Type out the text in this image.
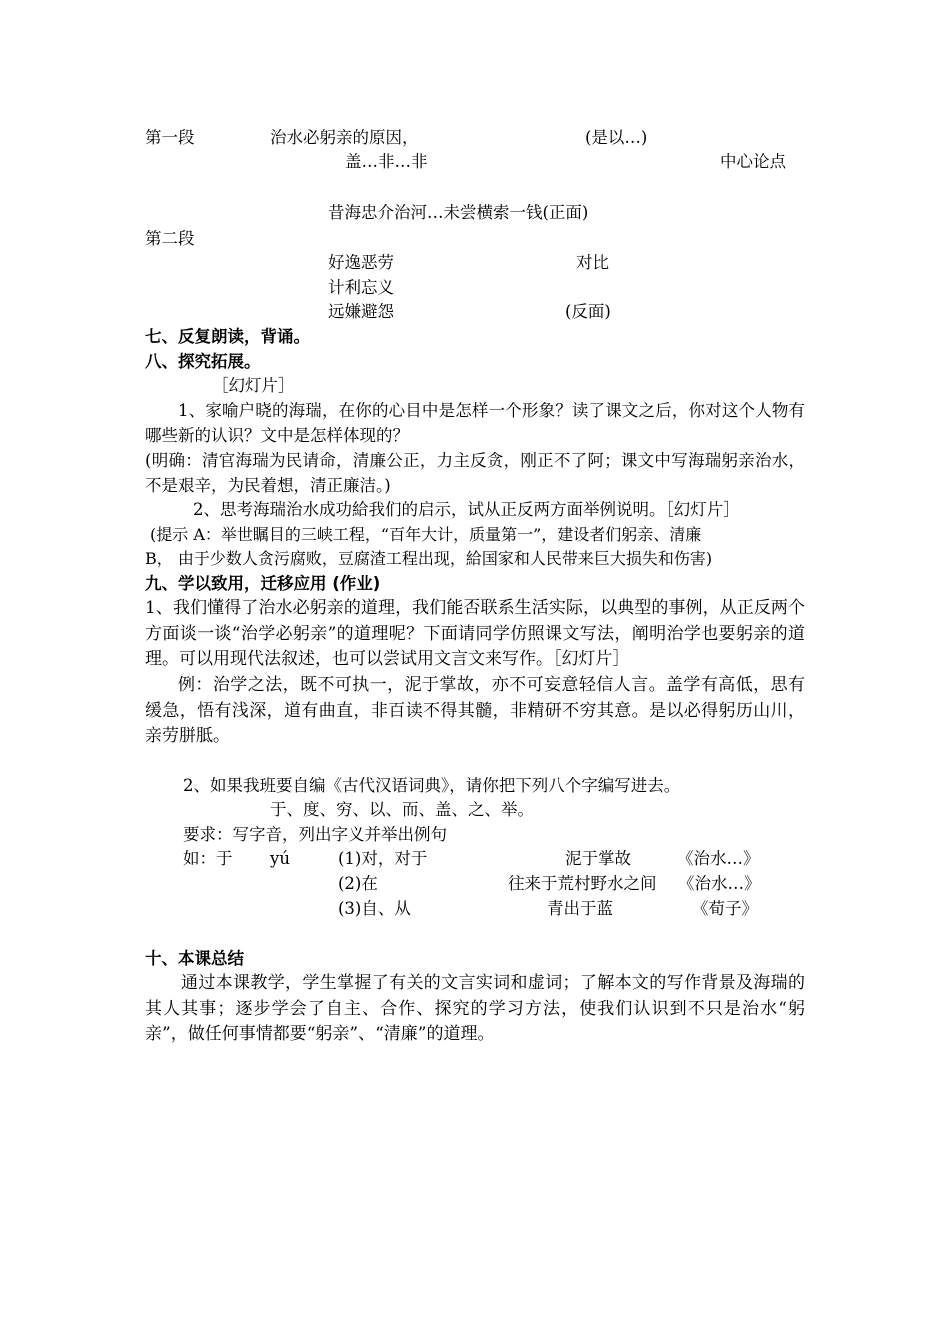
第一段	治水必躬亲的原因，	(是以…)
盖…非…非	中心论点
昔海忠介治河…未尝横索一钱(正面)
第二段
好逸恶劳	对比
计利忘义
远嫌避怨	(反面)
七、反复朗读，背诵。
八、探究拓展。
［幻灯片］
1、家喻户晓的海瑞，在你的心目中是怎样一个形象？读了课文之后，你对这个人物有哪些新的认识？文中是怎样体现的？
(明确：清官海瑞为民请命，清廉公正，力主反贪，刚正不了阿；课文中写海瑞躬亲治水，不是艰辛，为民着想，清正廉洁。)
2、思考海瑞治水成功給我们的启示，试从正反两方面举例说明。［幻灯片］
(提示 A：举世瞩目的三峡工程，“百年大计，质量第一”，建设者们躬亲、清廉
B， 由于少数人贪污腐败，豆腐渣工程出现，給国家和人民带来巨大损失和伤害)
九、学以致用，迁移应用 (作业)
1、我们懂得了治水必躬亲的道理，我们能否联系生活实际，以典型的事例，从正反两个方面谈一谈“治学必躬亲”的道理呢？下面请同学仿照课文写法，阐明治学也要躬亲的道理。可以用现代法叙述，也可以尝试用文言文来写作。［幻灯片］
例：治学之法，既不可执一，泥于掌故，亦不可妄意轻信人言。盖学有高低，思有缓急，悟有浅深，道有曲直，非百读不得其髓，非精研不穷其意。是以必得躬历山川，亲劳胼胝。
2、如果我班要自编《古代汉语词典》，请你把下列八个字编写进去。
于、度、穷、以、而、盖、之、举。
要求：写字音，列出字义并举出例句
如：于 yú	(1)对，对于	泥于掌故	《治水…》
(2)在	往来于荒村野水之间 《治水…》
(3)自、从	青出于蓝	《荀子》
十、本课总结
通过本课教学，学生掌握了有关的文言实词和虚词；了解本文的写作背景及海瑞的其人其事；逐步学会了自主、合作、探究的学习方法，使我们认识到不只是治水“躬亲”，做任何事情都要“躬亲”、“清廉”的道理。
